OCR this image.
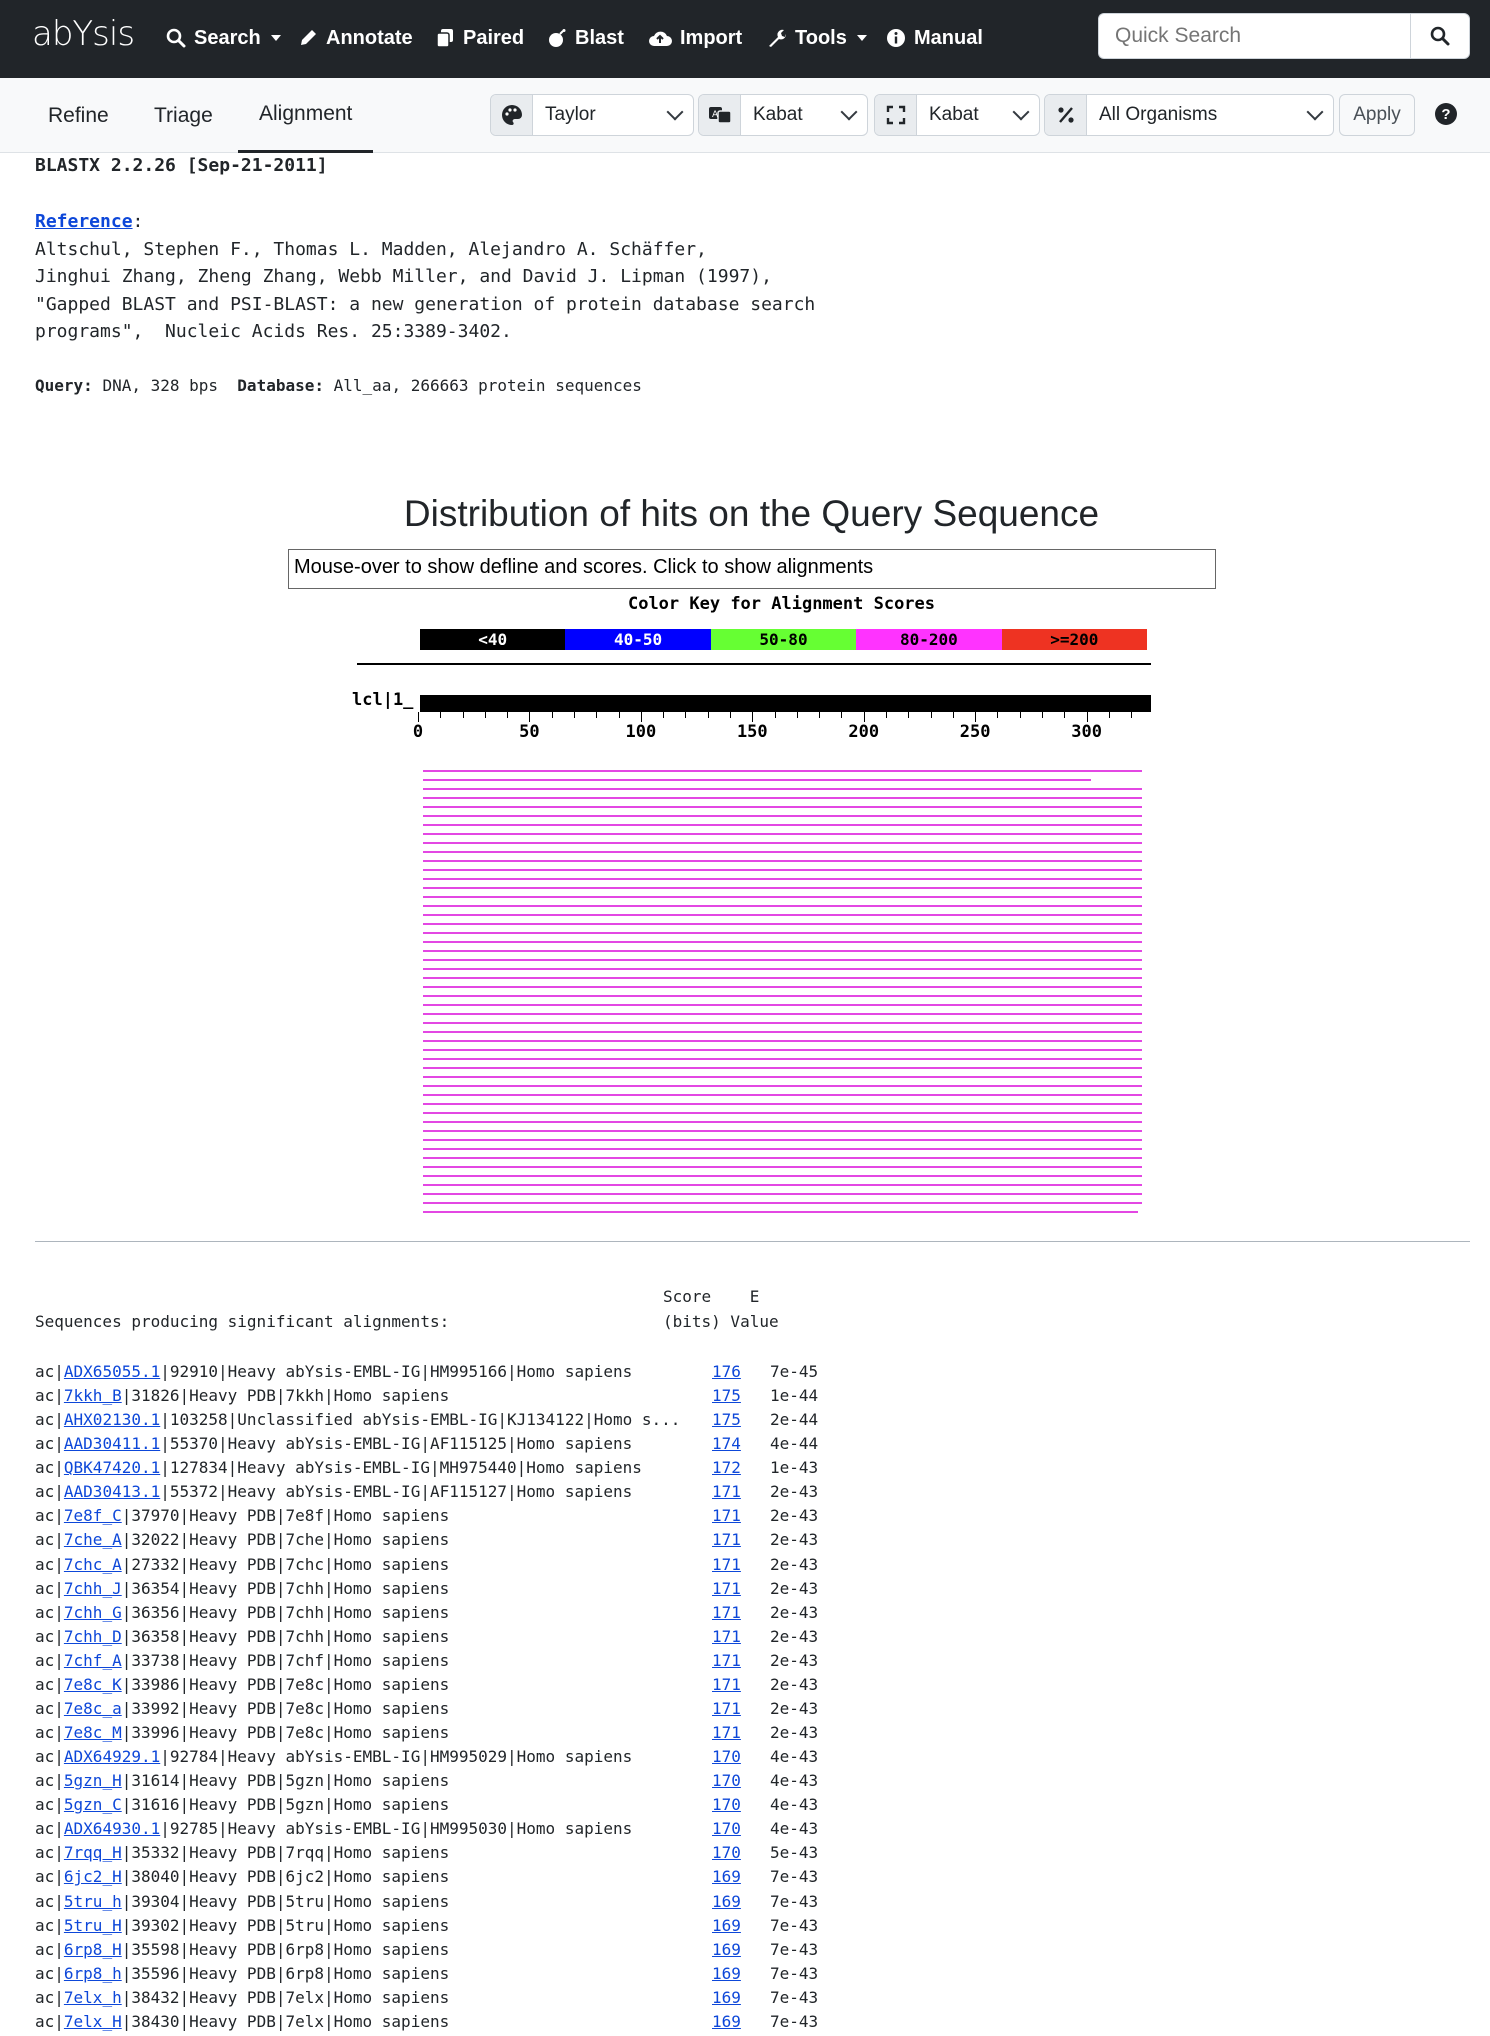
abYsis	Search	Annotate	Paired	Blast	Import	Tools	Manual
Quick Search
Refine Triage	Alignment	Taylor	A Kabat	Kabat	All Organisms	Apply	?
BLASTX 2.2.26 [Sep-21-2011]
Reference:
Altschul, Stephen F., Thomas L. Madden, Alejandro A. Schäffer,
Jinghui Zhang, Zheng Zhang, Webb Miller, and David J. Lipman (1997),
"Gapped BLAST and PSI-BLAST: a new generation of protein database search
programs",  Nucleic Acids Res. 25:3389-3402.
Query: DNA, 328 bps Database: All_aa, 266663 protein sequences
Distribution of hits on the Query Sequence
Mouse-over to show defline and scores. Click to show alignments
Color Key for Alignment Scores
<40	40-50	50-80	80-200	>=200
lcl|1_
0	50	100	150	200	250	300
Score    E
Sequences producing significant alignments:	(bits) Value
ac|ADX65055.1|92910|Heavy abYsis-EMBL-IG|HM995166|Homo sapiens	176 7e-45
ac|7kkh_B|31826|Heavy PDB|7kkh|Homo sapiens	175 1e-44
ac|AHX02130.1|103258|Unclassified abYsis-EMBL-IG|KJ134122|Homo s... 175 2e-44
ac|AAD30411.1|55370|Heavy abYsis-EMBL-IG|AF115125|Homo sapiens	174 4e-44
ac|QBK47420.1|127834|Heavy abYsis-EMBL-IG|MH975440|Homo sapiens	172 1e-43
ac|AAD30413.1|55372|Heavy abYsis-EMBL-IG|AF115127|Homo sapiens	171 2e-43
ac|7e8f_C|37970|Heavy PDB|7e8f|Homo sapiens	171 2e-43
ac|7che_A|32022|Heavy PDB|7che|Homo sapiens	171 2e-43
ac|7chc_A|27332|Heavy PDB|7chc|Homo sapiens	171 2e-43
ac|7chh_J|36354|Heavy PDB|7chh|Homo sapiens	171 2e-43
ac|7chh_G|36356|Heavy PDB|7chh|Homo sapiens	171 2e-43
ac|7chh_D|36358|Heavy PDB|7chh|Homo sapiens	171 2e-43
ac|7chf_A|33738|Heavy PDB|7chf|Homo sapiens	171 2e-43
ac|7e8c_K|33986|Heavy PDB|7e8c|Homo sapiens	171 2e-43
ac|7e8c_a|33992|Heavy PDB|7e8c|Homo sapiens	171 2e-43
ac|7e8c_M|33996|Heavy PDB|7e8c|Homo sapiens	171 2e-43
ac|ADX64929.1|92784|Heavy abYsis-EMBL-IG|HM995029|Homo sapiens	170 4e-43
ac|5gzn_H|31614|Heavy PDB|5gzn|Homo sapiens	170 4e-43
ac|5gzn_C|31616|Heavy PDB|5gzn|Homo sapiens	170 4e-43
ac|ADX64930.1|92785|Heavy abYsis-EMBL-IG|HM995030|Homo sapiens	170 4e-43
ac|7rqq_H|35332|Heavy PDB|7rqq|Homo sapiens	170 5e-43
ac|6jc2_H|38040|Heavy PDB|6jc2|Homo sapiens	169 7e-43
ac|5tru_h|39304|Heavy PDB|5tru|Homo sapiens	169 7e-43
ac|5tru_H|39302|Heavy PDB|5tru|Homo sapiens	169 7e-43
ac|6rp8_H|35598|Heavy PDB|6rp8|Homo sapiens	169 7e-43
ac|6rp8_h|35596|Heavy PDB|6rp8|Homo sapiens	169 7e-43
ac|7elx_h|38432|Heavy PDB|7elx|Homo sapiens	169 7e-43
ac|7elx_H|38430|Heavy PDB|7elx|Homo sapiens	169 7e-43
